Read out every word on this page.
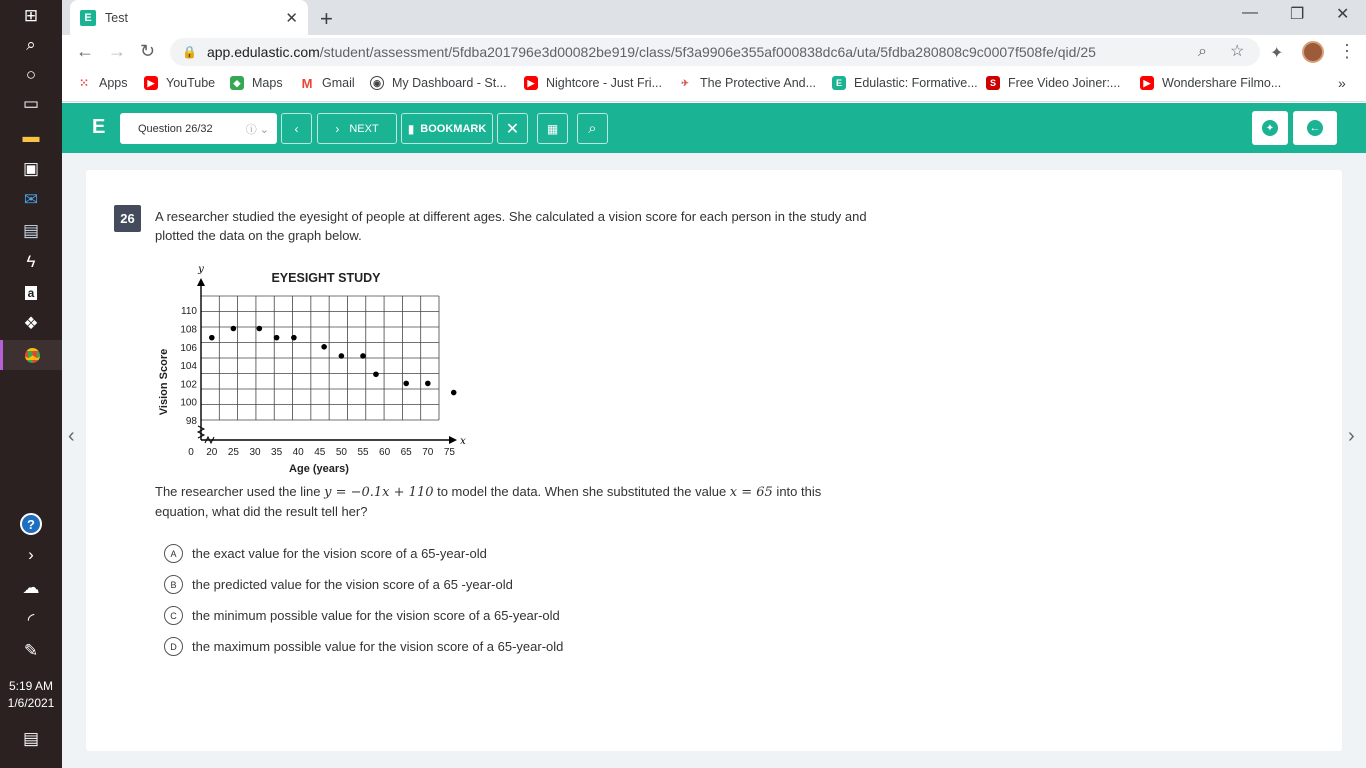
⊞
⌕
○
▭
▬
▣
✉
▤
ϟ
a
❖
?
›
☁
◜
✎
5:19 AM
1/6/2021
▤
E	Test	✕ +	— ❐ ✕
← → ↻ 🔒 app.edulastic.com /student/assessment/5fdba201796e3d00082be919/class/5f3a9906e355af000838dc6a/uta/5fdba280808c9c0007f508fe/qid/25	⌕ ☆ ✦	⋮
⁙ Apps	▶ YouTube	◆ Maps M Gmail	◉ My Dashboard - St...	▶ Nightcore - Just Fri...	✈ The Protective And...	E Edulastic: Formative...	S Free Video Joiner:...	▶ Wondershare Filmo...	»
E	Question 26/32	ⓘ ⌄ ‹	› NEXT ▮ BOOKMARK ✕ ▦ ⌕	✦	←
‹	›
26	A researcher studied the eyesight of people at different ages. She calculated a vision score for each person in the study and plotted the data on the graph below.
EYESIGHT STUDY
y
x
98
100
102
104
106
108
110
0 20 25 30 35 40 45 50 55 60 65 70 75
Age (years)
Vision Score
The researcher used the line y = −0.1x + 110 to model the data. When she substituted the value x = 65 into this equation, what did the result tell her?
A	the exact value for the vision score of a 65-year-old
B	the predicted value for the vision score of a 65 -year-old
C	the minimum possible value for the vision score of a 65-year-old
D	the maximum possible value for the vision score of a 65-year-old
